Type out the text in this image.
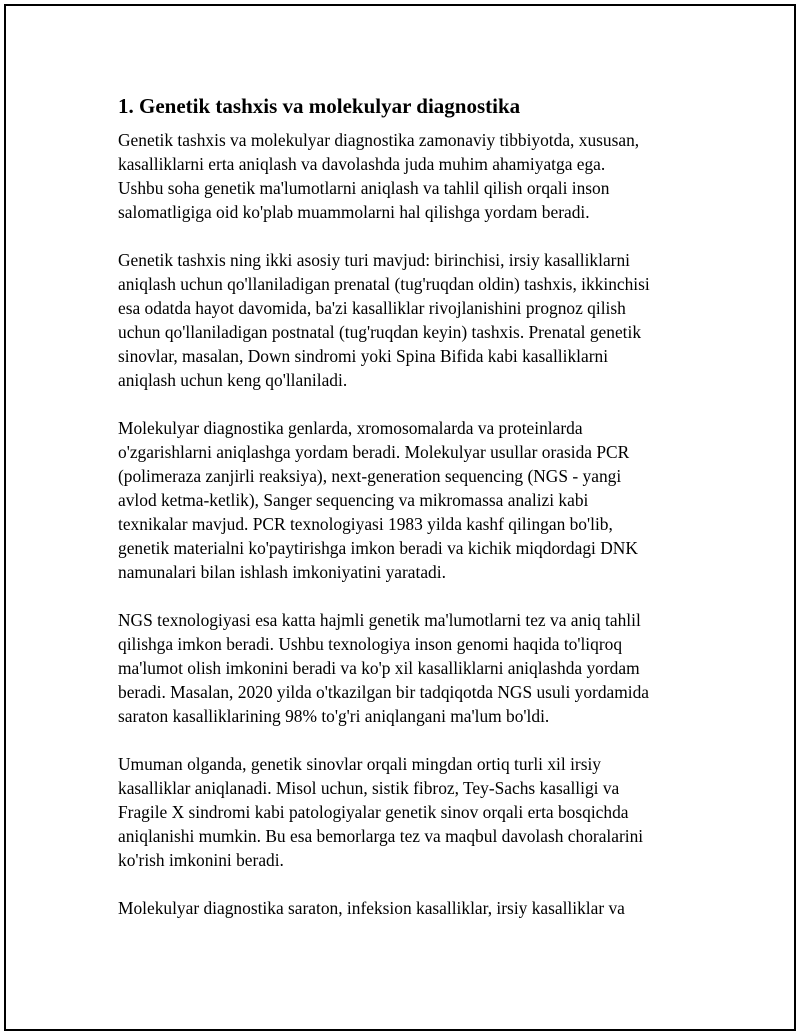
1. Genetik tashxis va molekulyar diagnostika

Genetik tashxis va molekulyar diagnostika zamonaviy tibbiyotda, xususan,
kasalliklarni erta aniqlash va davolashda juda muhim ahamiyatga ega.
Ushbu soha genetik ma'lumotlarni aniqlash va tahlil qilish orqali inson
salomatligiga oid ko'plab muammolarni hal qilishga yordam beradi.

Genetik tashxis ning ikki asosiy turi mavjud: birinchisi, irsiy kasalliklarni
aniqlash uchun qo'llaniladigan prenatal (tug'ruqdan oldin) tashxis, ikkinchisi
esa odatda hayot davomida, ba'zi kasalliklar rivojlanishini prognoz qilish
uchun qo'llaniladigan postnatal (tug'ruqdan keyin) tashxis. Prenatal genetik
sinovlar, masalan, Down sindromi yoki Spina Bifida kabi kasalliklarni
aniqlash uchun keng qo'llaniladi.

Molekulyar diagnostika genlarda, xromosomalarda va proteinlarda
o'zgarishlarni aniqlashga yordam beradi. Molekulyar usullar orasida PCR
(polimeraza zanjirli reaksiya), next-generation sequencing (NGS - yangi
avlod ketma-ketlik), Sanger sequencing va mikromassa analizi kabi
texnikalar mavjud. PCR texnologiyasi 1983 yilda kashf qilingan bo'lib,
genetik materialni ko'paytirishga imkon beradi va kichik miqdordagi DNK
namunalari bilan ishlash imkoniyatini yaratadi.

NGS texnologiyasi esa katta hajmli genetik ma'lumotlarni tez va aniq tahlil
qilishga imkon beradi. Ushbu texnologiya inson genomi haqida to'liqroq
ma'lumot olish imkonini beradi va ko'p xil kasalliklarni aniqlashda yordam
beradi. Masalan, 2020 yilda o'tkazilgan bir tadqiqotda NGS usuli yordamida
saraton kasalliklarining 98% to'g'ri aniqlangani ma'lum bo'ldi.

Umuman olganda, genetik sinovlar orqali mingdan ortiq turli xil irsiy
kasalliklar aniqlanadi. Misol uchun, sistik fibroz, Tey-Sachs kasalligi va
Fragile X sindromi kabi patologiyalar genetik sinov orqali erta bosqichda
aniqlanishi mumkin. Bu esa bemorlarga tez va maqbul davolash choralarini
ko'rish imkonini beradi.

Molekulyar diagnostika saraton, infeksion kasalliklar, irsiy kasalliklar va
